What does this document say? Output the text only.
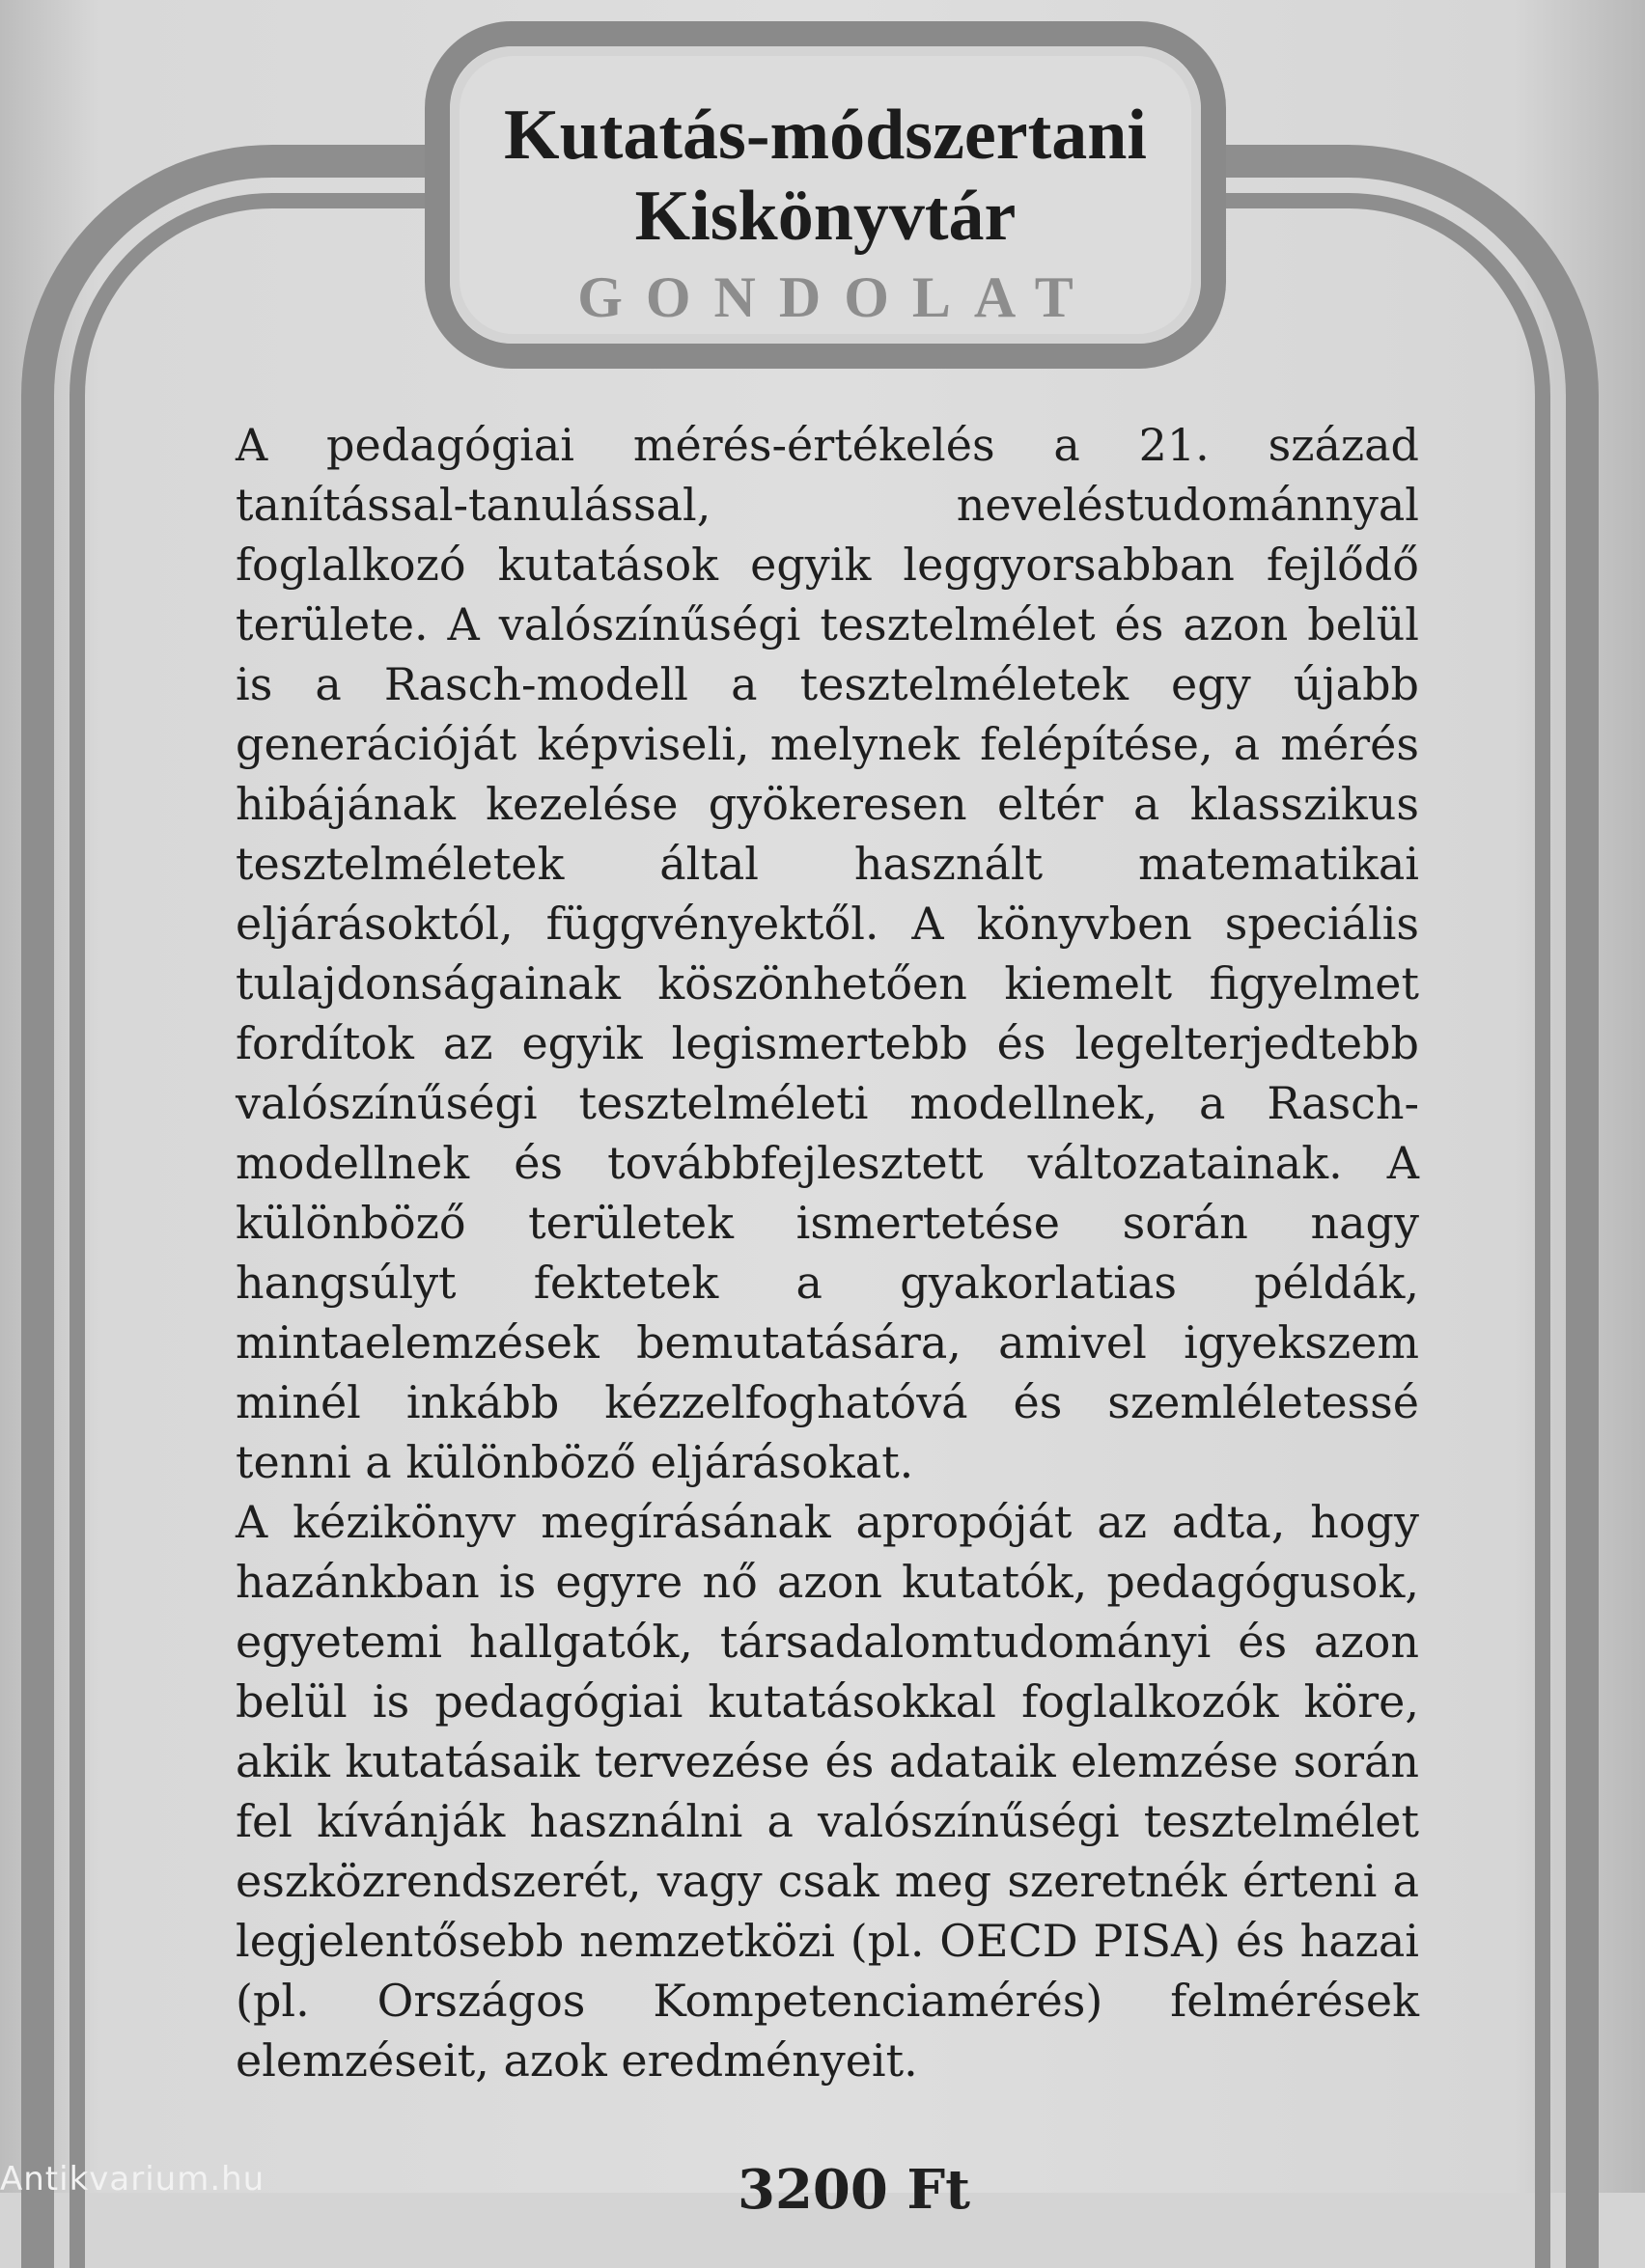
Kutatás-módszertani
Kiskönyvtár
GONDOLAT

A pedagógiai mérés-értékelés a 21. század tanítással-tanulással, neveléstudománnyal foglalkozó kutatások egyik leggyorsabban fejlődő területe. A valószínűségi tesztelmélet és azon belül is a Rasch-modell a tesztelméletek egy újabb generációját képviseli, melynek felépítése, a mérés hibájának kezelése gyökeresen eltér a klasszikus tesztelméletek által használt matematikai eljárásoktól, függvényektől. A könyvben speciális tulajdonságainak köszönhetően kiemelt figyelmet fordítok az egyik legismertebb és legelterjedtebb valószínűségi tesztelméleti modellnek, a Rasch-modellnek és továbbfejlesztett változatainak. A különböző területek ismertetése során nagy hangsúlyt fektetek a gyakorlatias példák, mintaelemzések bemutatására, amivel igyekszem minél inkább kézzelfoghatóvá és szemléletessé tenni a különböző eljárásokat.

A kézikönyv megírásának apropóját az adta, hogy hazánkban is egyre nő azon kutatók, pedagógusok, egyetemi hallgatók, társadalomtudományi és azon belül is pedagógiai kutatásokkal foglalkozók köre, akik kutatásaik tervezése és adataik elemzése során fel kívánják használni a valószínűségi tesztelmélet eszközrendszerét, vagy csak meg szeretnék érteni a legjelentősebb nemzetközi (pl. OECD PISA) és hazai (pl. Országos Kompetenciamérés) felmérések elemzéseit, azok eredményeit.

Antikvarium.hu	3200 Ft
